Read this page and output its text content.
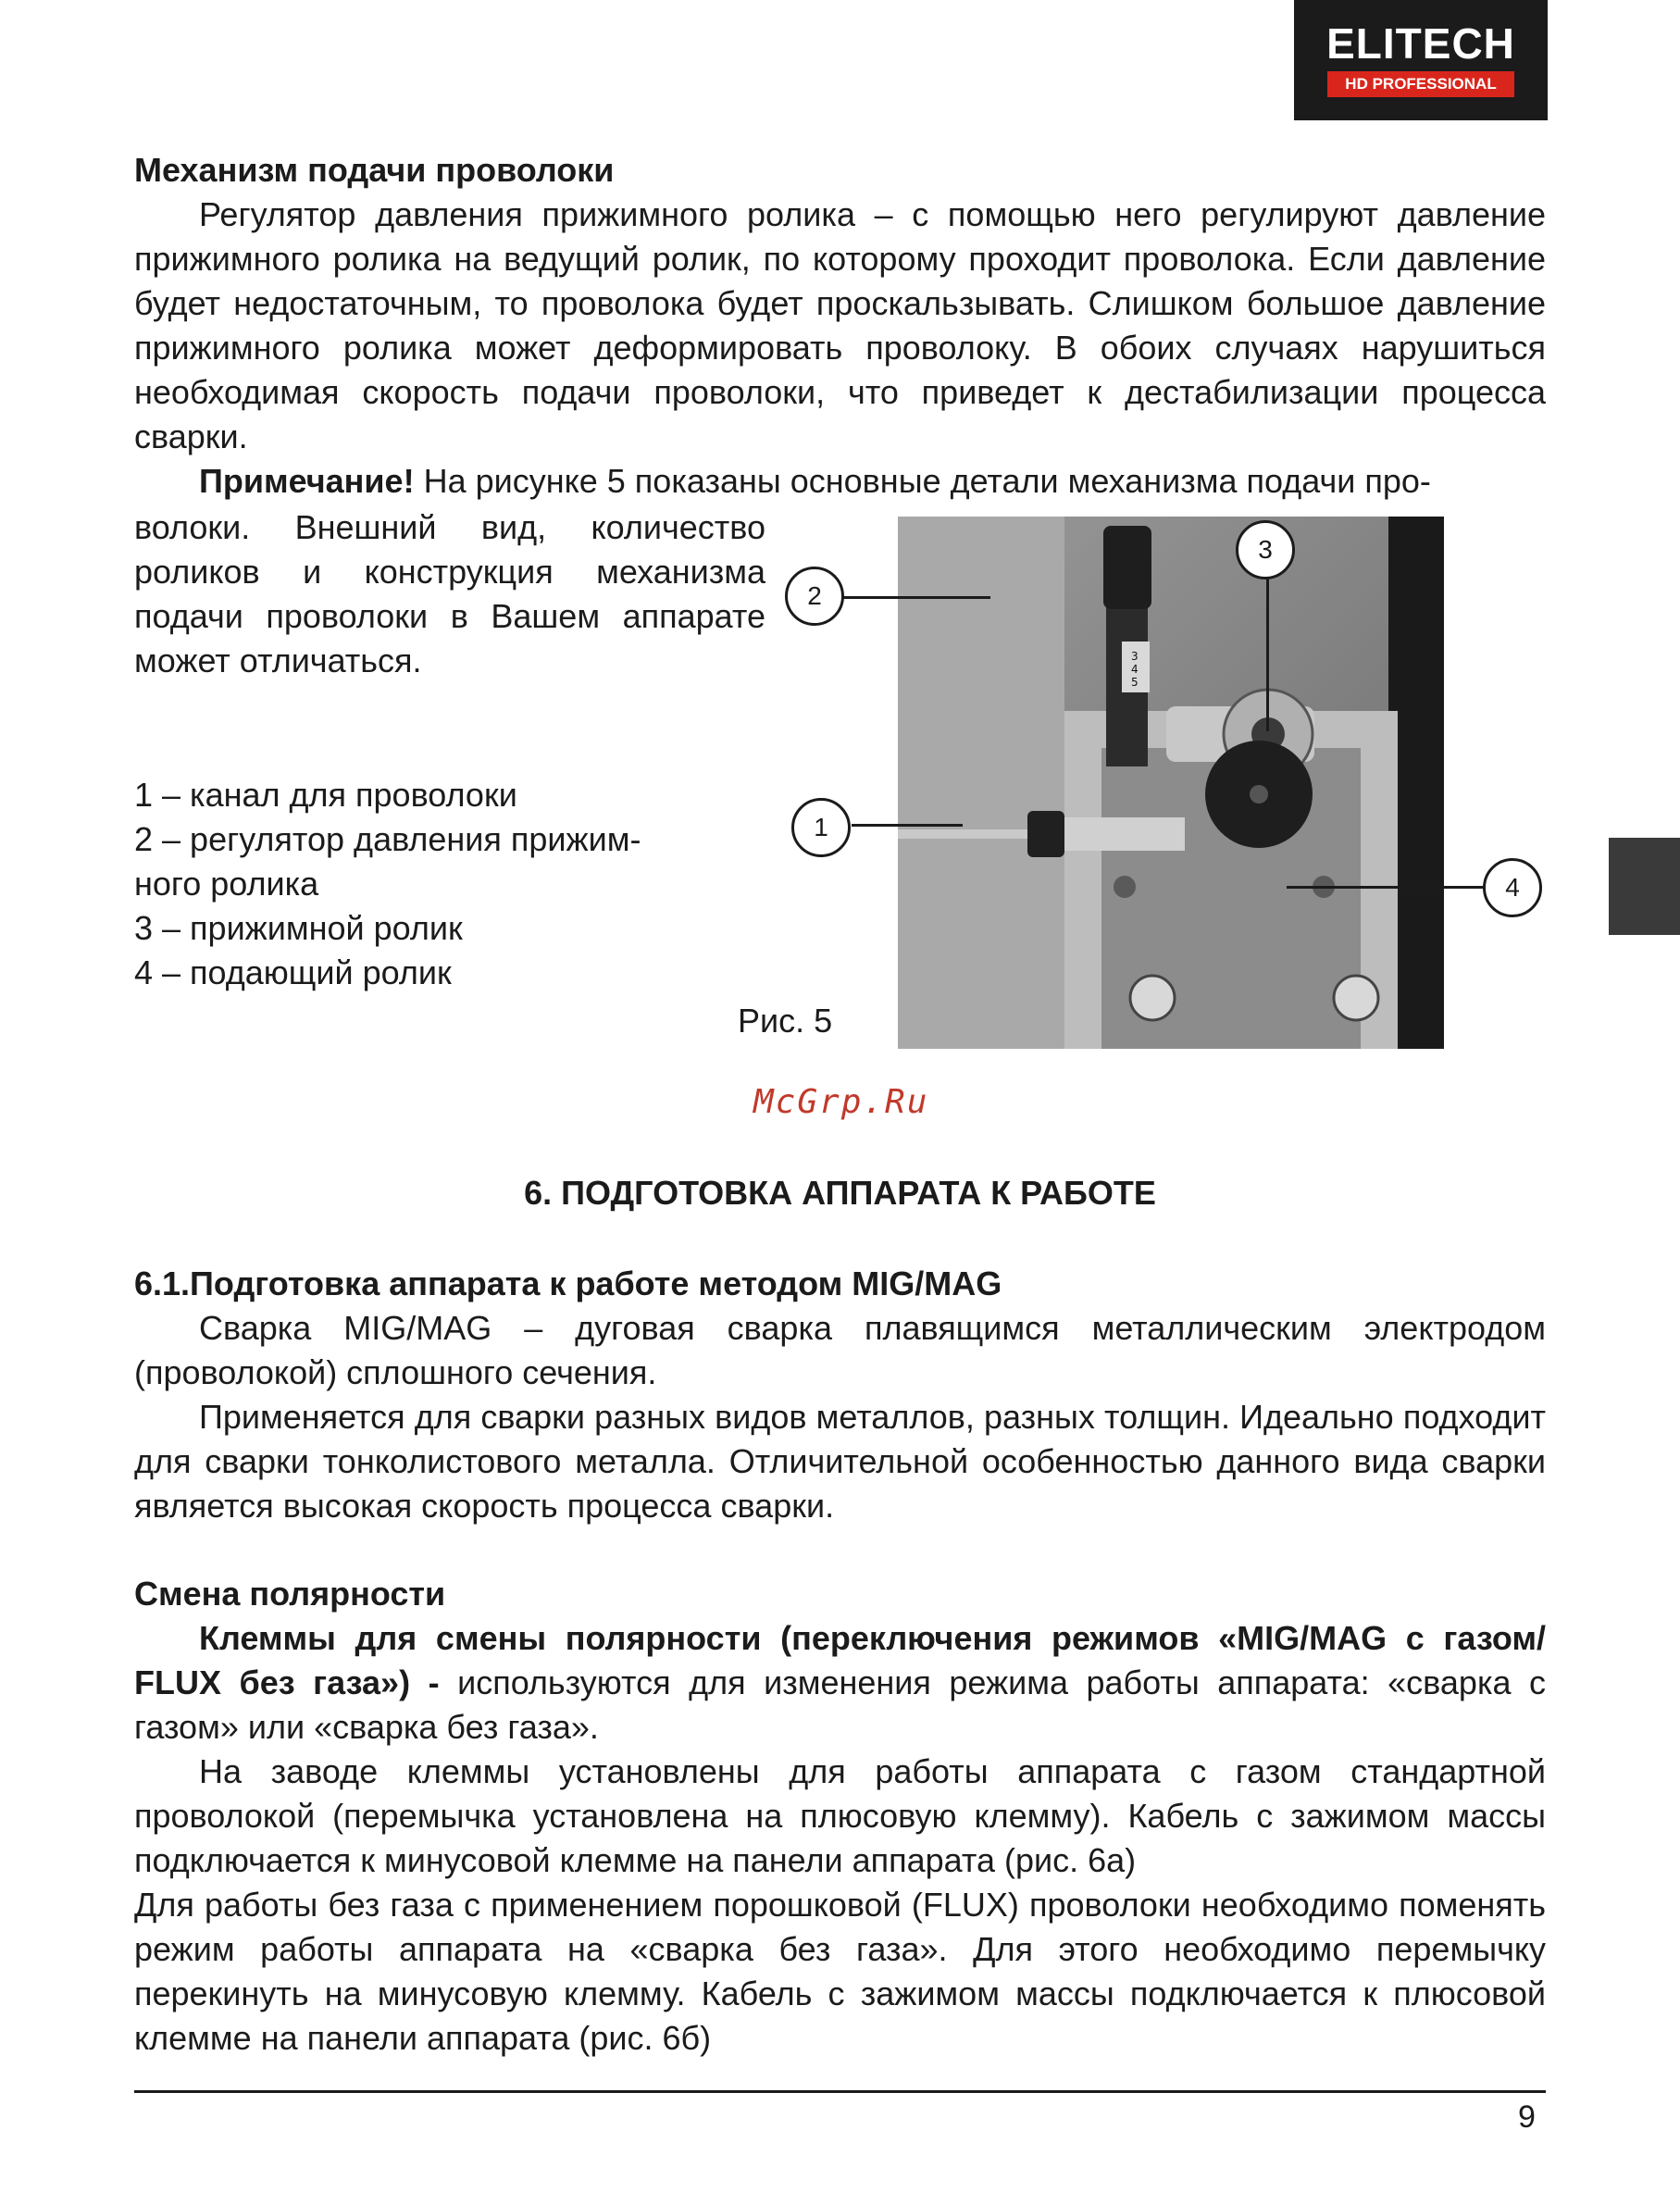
ELITECH
HD PROFESSIONAL
Механизм подачи проволоки
Регулятор давления прижимного ролика – с помощью него регулируют давление прижимного ролика на ведущий ролик, по которому проходит проволока. Если давление будет недостаточным, то проволока будет проскальзывать. Слишком большое давление прижимного ролика может деформировать проволоку. В обоих случаях нарушиться необходимая скорость подачи проволоки, что приведет к дестабилизации процесса сварки.
Примечание! На рисунке 5 показаны основные детали механизма подачи про-
волоки. Внешний вид, количество роликов и конструкция механизма подачи проволоки в Вашем аппарате может отличаться.
1 – канал для проволоки
2 – регулятор давления прижим-
ного ролика
3 – прижимной ролик
4 – подающий ролик
3
4
5
2
3
1
4
Рис. 5
McGrp.Ru
6. ПОДГОТОВКА АППАРАТА К РАБОТЕ
6.1.Подготовка аппарата к работе методом MIG/MAG
Сварка MIG/MAG – дуговая сварка плавящимся металлическим электродом (проволокой) сплошного сечения.
Применяется для сварки разных видов металлов, разных толщин. Идеально подходит для сварки тонколистового металла. Отличительной особенностью данного вида сварки является высокая скорость процесса сварки.
Смена полярности
Клеммы для смены полярности (переключения режимов «MIG/MAG с газом/ FLUX без газа») - используются для изменения режима работы аппарата: «сварка с газом» или «сварка без газа».
На заводе клеммы установлены для работы аппарата с газом стандартной проволокой (перемычка установлена на плюсовую клемму). Кабель с зажимом массы подключается к минусовой клемме на панели аппарата (рис. 6а)
Для работы без газа с применением порошковой (FLUX) проволоки необходимо поменять режим работы аппарата на «сварка без газа». Для этого необходимо перемычку перекинуть на минусовую клемму. Кабель с зажимом массы подключается к плюсовой клемме на панели аппарата (рис. 6б)
9
